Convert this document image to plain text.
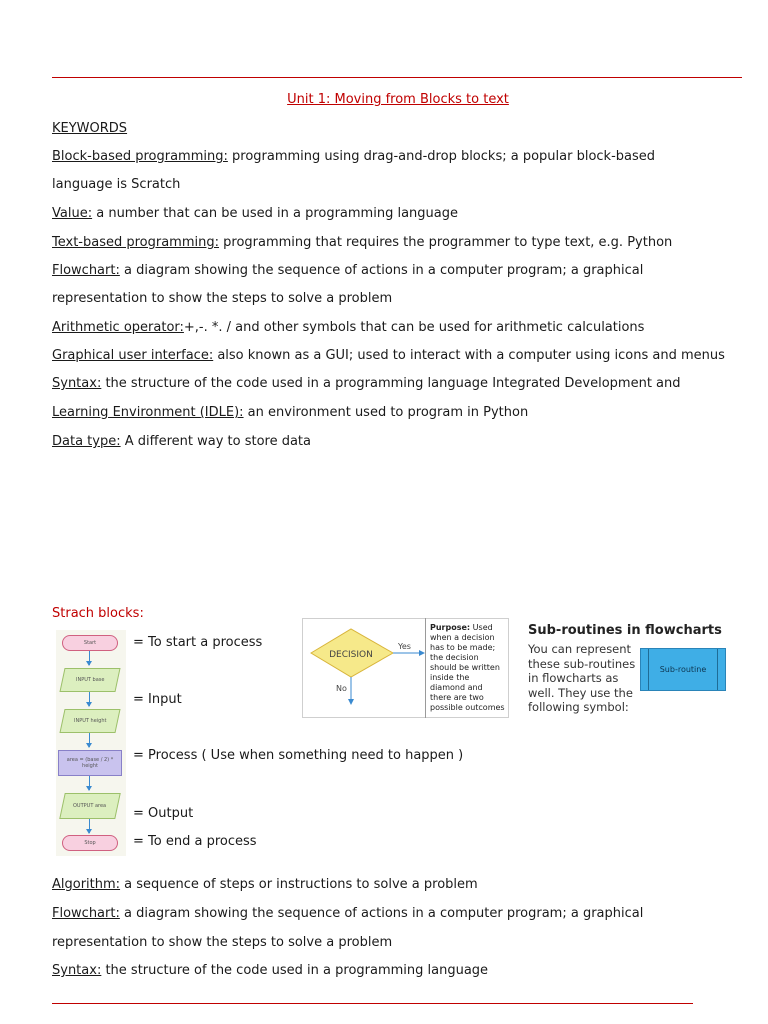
Unit 1: Moving from Blocks to text
KEYWORDS
Block-based programming: programming using drag-and-drop blocks; a popular block-based
language is Scratch
Value: a number that can be used in a programming language
Text-based programming: programming that requires the programmer to type text, e.g. Python
Flowchart: a diagram showing the sequence of actions in a computer program; a graphical
representation to show the steps to solve a problem
Arithmetic operator:+,-. *. / and other symbols that can be used for arithmetic calculations
Graphical user interface: also known as a GUI; used to interact with a computer using icons and menus
Syntax: the structure of the code used in a programming language Integrated Development and
Learning Environment (IDLE): an environment used to program in Python
Data type: A different way to store data
Strach blocks:
Start
INPUT base
INPUT height
area = (base / 2) * height
OUTPUT area
Stop
= To start a process
= Input
= Process ( Use when something need to happen )
= Output
= To end a process
DECISION
Yes
No
Purpose: Used when a decision has to be made; the decision should be written inside the diamond and there are two possible outcomes
Sub-routines in flowcharts
You can represent these sub-routines in flowcharts as well. They use the following symbol:
Sub-routine
Algorithm: a sequence of steps or instructions to solve a problem
Flowchart: a diagram showing the sequence of actions in a computer program; a graphical
representation to show the steps to solve a problem
Syntax: the structure of the code used in a programming language
